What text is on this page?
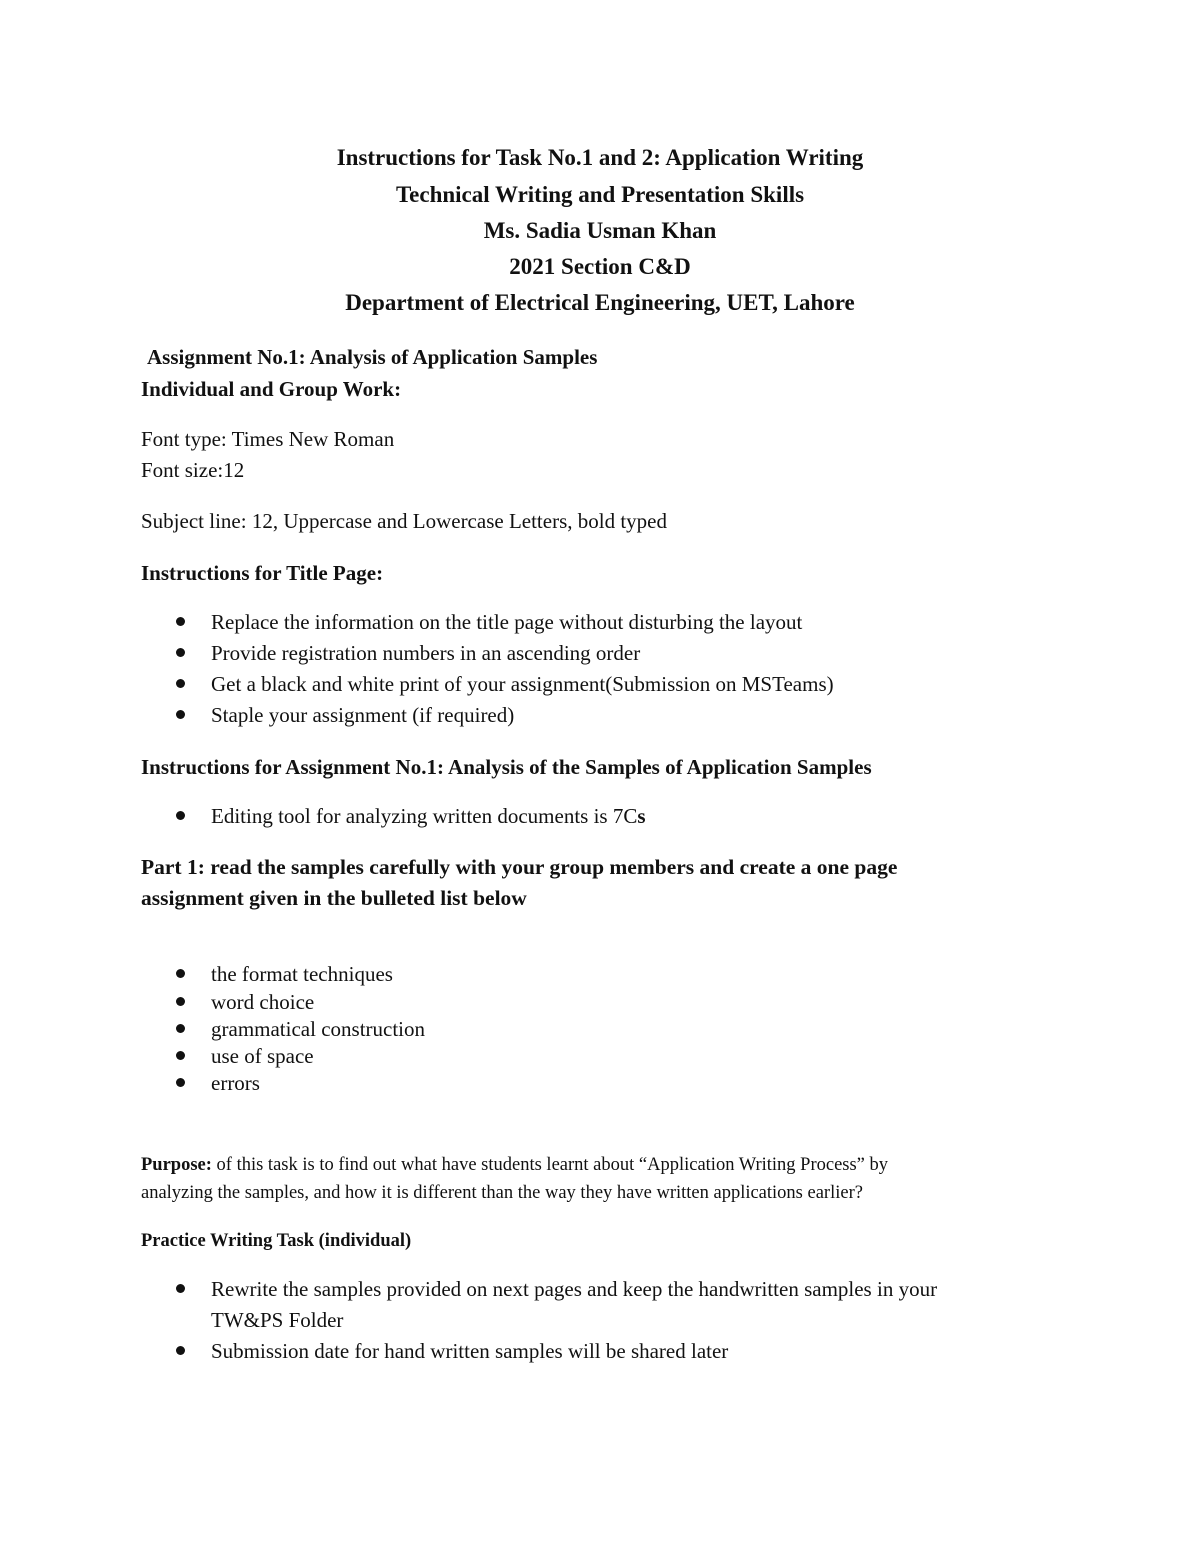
Instructions for Task No.1 and 2: Application Writing
Technical Writing and Presentation Skills
Ms. Sadia Usman Khan
2021 Section C&D
Department of Electrical Engineering, UET, Lahore
Assignment No.1: Analysis of Application Samples
Individual and Group Work:
Font type: Times New Roman
Font size:12
Subject line: 12, Uppercase and Lowercase Letters, bold typed
Instructions for Title Page:
Replace the information on the title page without disturbing the layout
Provide registration numbers in an ascending order
Get a black and white print of your assignment(Submission on MSTeams)
Staple your assignment (if required)
Instructions for Assignment No.1: Analysis of the Samples of Application Samples
Editing tool for analyzing written documents is 7Cs
Part 1: read the samples carefully with your group members and create a one page
assignment given in the bulleted list below
the format techniques
word choice
grammatical construction
use of space
errors
Purpose: of this task is to find out what have students learnt about “Application Writing Process” by
analyzing the samples, and how it is different than the way they have written applications earlier?
Practice Writing Task (individual)
Rewrite the samples provided on next pages and keep the handwritten samples in your
TW&PS Folder
Submission date for hand written samples will be shared later
